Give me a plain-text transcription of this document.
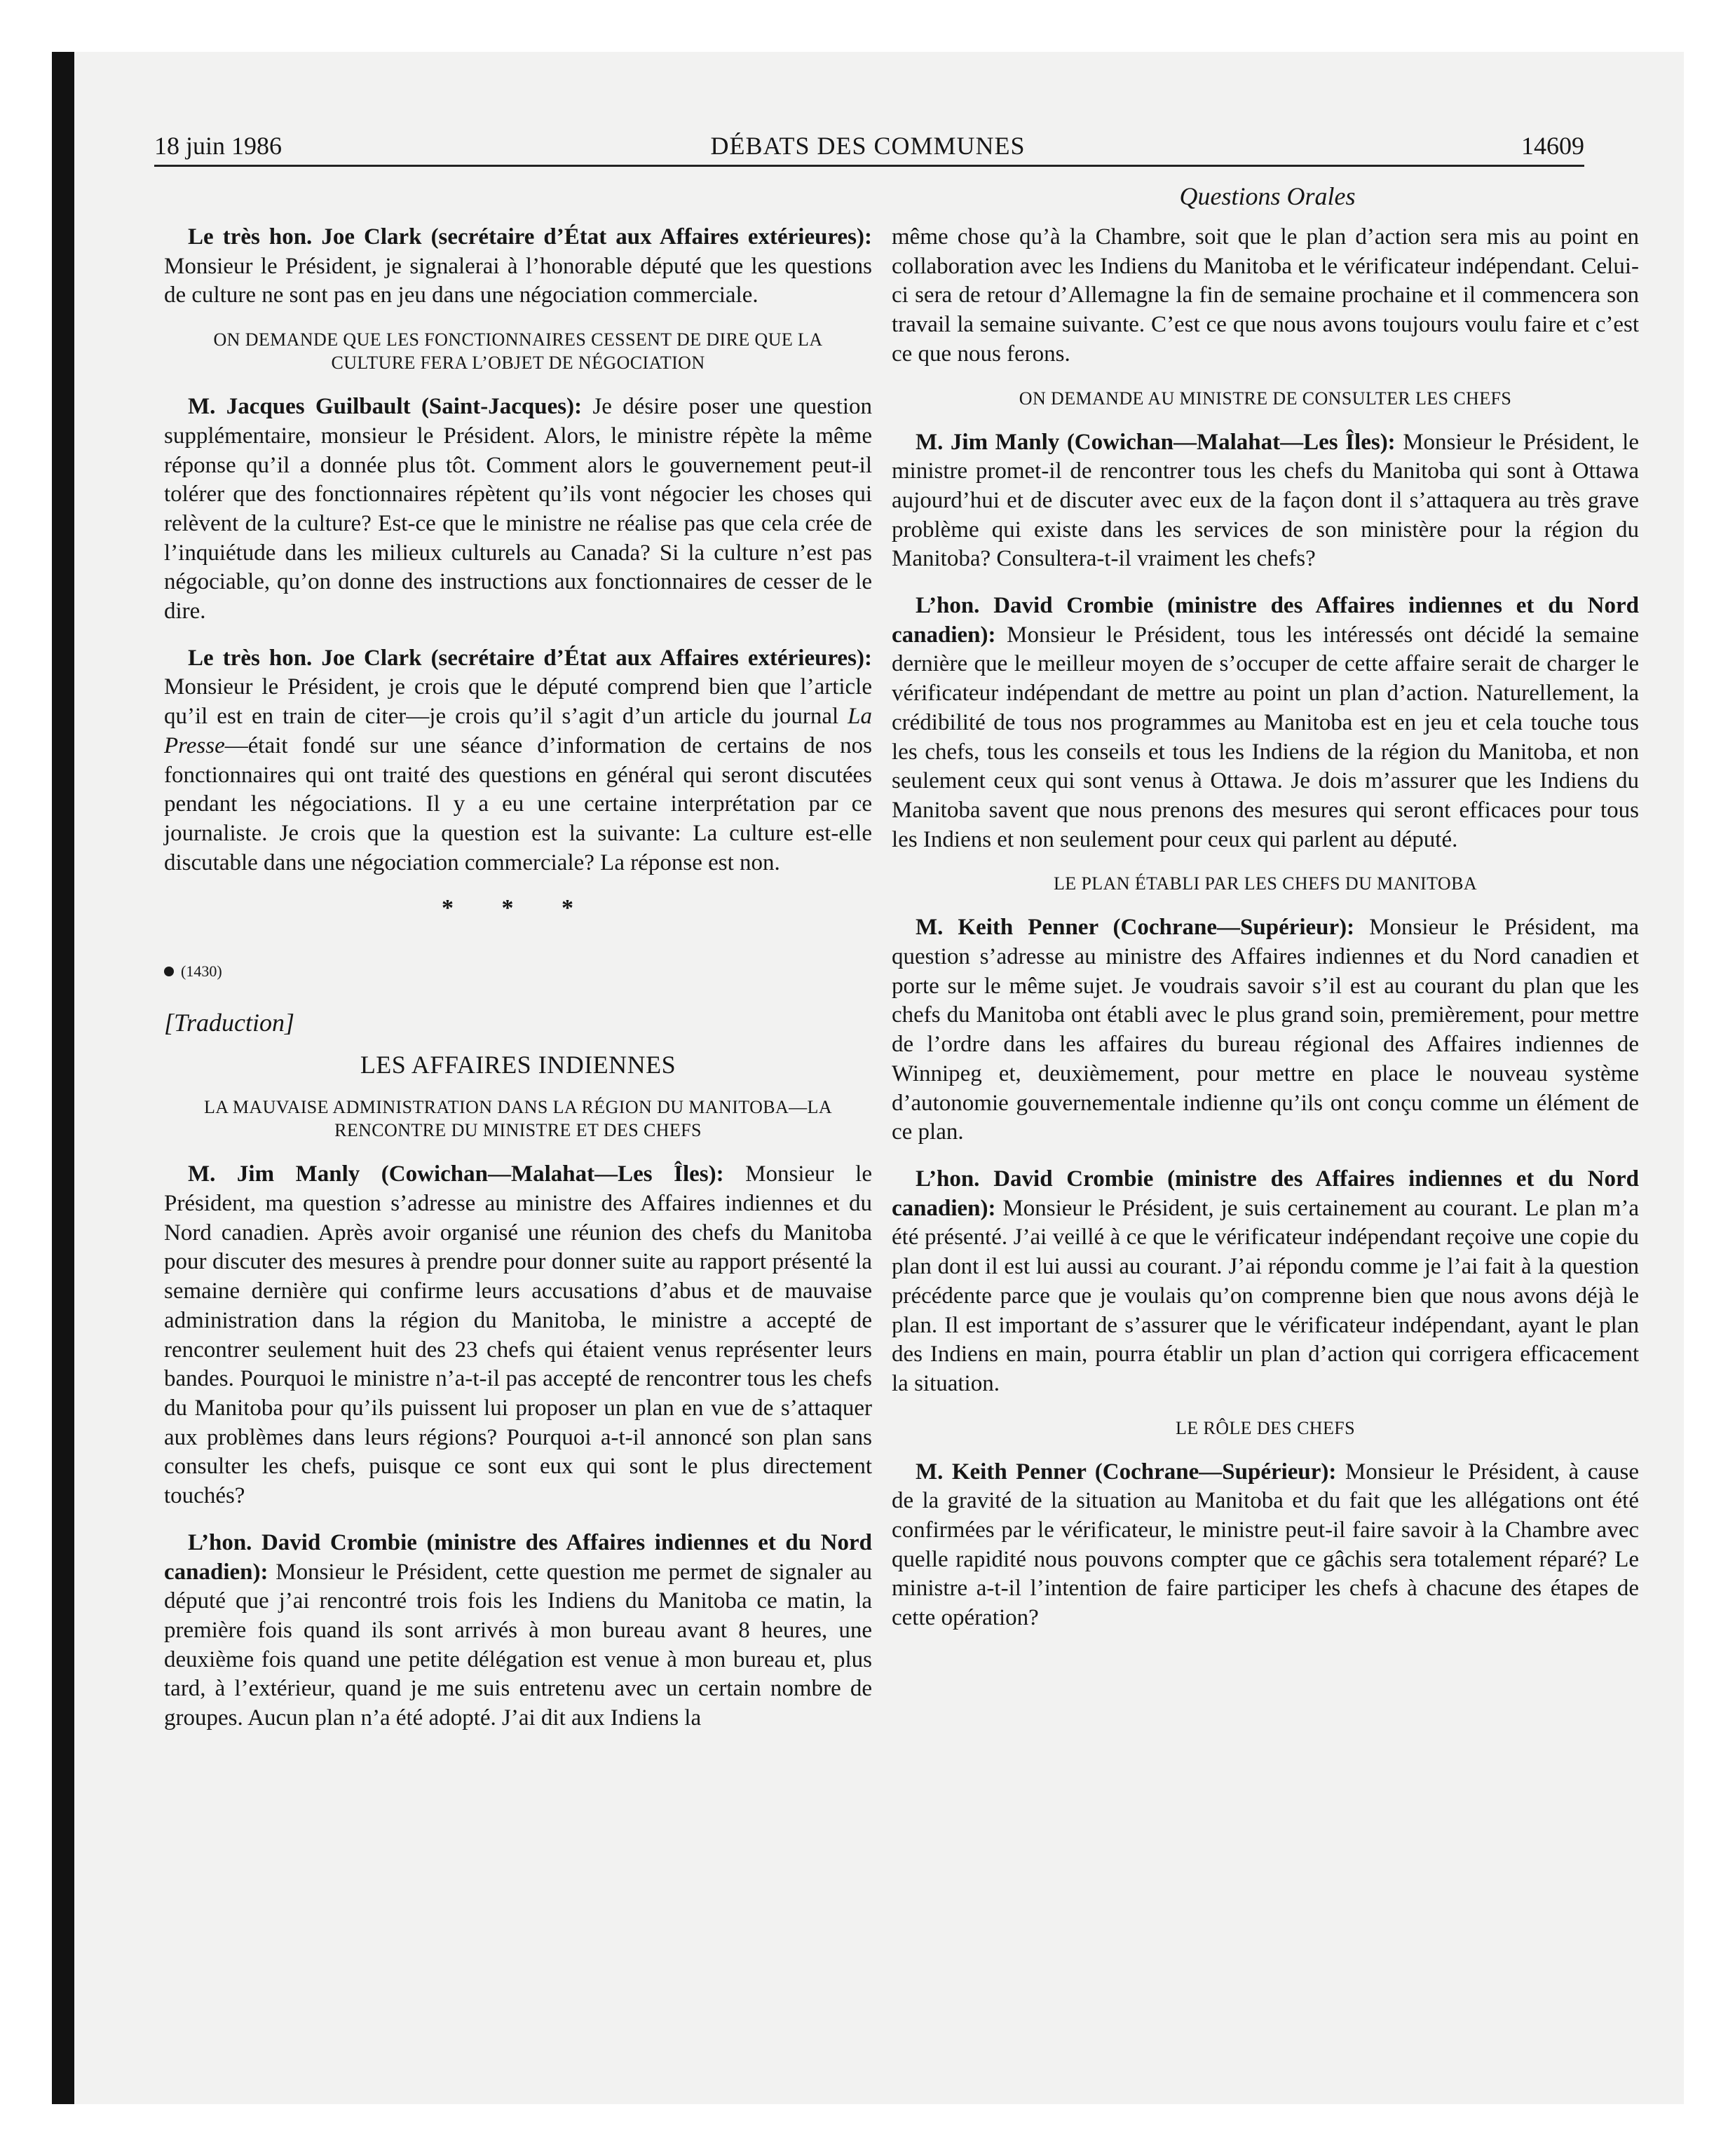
18 juin 1986	DÉBATS DES COMMUNES	14609
Questions Orales

Le très hon. Joe Clark (secrétaire d’État aux Affaires extérieures): Monsieur le Président, je signalerai à l’honorable député que les questions de culture ne sont pas en jeu dans une négociation commerciale.

ON DEMANDE QUE LES FONCTIONNAIRES CESSENT DE DIRE QUE LA CULTURE FERA L’OBJET DE NÉGOCIATION

M. Jacques Guilbault (Saint-Jacques): Je désire poser une question supplémentaire, monsieur le Président. Alors, le ministre répète la même réponse qu’il a donnée plus tôt. Comment alors le gouvernement peut-il tolérer que des fonctionnaires répètent qu’ils vont négocier les choses qui relèvent de la culture? Est-ce que le ministre ne réalise pas que cela crée de l’inquiétude dans les milieux culturels au Canada? Si la culture n’est pas négociable, qu’on donne des instructions aux fonctionnaires de cesser de le dire.

Le très hon. Joe Clark (secrétaire d’État aux Affaires extérieures): Monsieur le Président, je crois que le député comprend bien que l’article qu’il est en train de citer—je crois qu’il s’agit d’un article du journal La Presse—était fondé sur une séance d’information de certains de nos fonctionnaires qui ont traité des questions en général qui seront discutées pendant les négociations. Il y a eu une certaine interprétation par ce journaliste. Je crois que la question est la suivante: La culture est-elle discutable dans une négociation commerciale? La réponse est non.

* * *
(1430)
[Traduction]
LES AFFAIRES INDIENNES
LA MAUVAISE ADMINISTRATION DANS LA RÉGION DU MANITOBA—LA RENCONTRE DU MINISTRE ET DES CHEFS

M. Jim Manly (Cowichan—Malahat—Les Îles): Monsieur le Président, ma question s’adresse au ministre des Affaires indiennes et du Nord canadien. Après avoir organisé une réunion des chefs du Manitoba pour discuter des mesures à prendre pour donner suite au rapport présenté la semaine dernière qui confirme leurs accusations d’abus et de mauvaise administration dans la région du Manitoba, le ministre a accepté de rencontrer seulement huit des 23 chefs qui étaient venus représenter leurs bandes. Pourquoi le ministre n’a-t-il pas accepté de rencontrer tous les chefs du Manitoba pour qu’ils puissent lui proposer un plan en vue de s’attaquer aux problèmes dans leurs régions? Pourquoi a-t-il annoncé son plan sans consulter les chefs, puisque ce sont eux qui sont le plus directement touchés?

L’hon. David Crombie (ministre des Affaires indiennes et du Nord canadien): Monsieur le Président, cette question me permet de signaler au député que j’ai rencontré trois fois les Indiens du Manitoba ce matin, la première fois quand ils sont arrivés à mon bureau avant 8 heures, une deuxième fois quand une petite délégation est venue à mon bureau et, plus tard, à l’extérieur, quand je me suis entretenu avec un certain nombre de groupes. Aucun plan n’a été adopté. J’ai dit aux Indiens la

même chose qu’à la Chambre, soit que le plan d’action sera mis au point en collaboration avec les Indiens du Manitoba et le vérificateur indépendant. Celui-ci sera de retour d’Allemagne la fin de semaine prochaine et il commencera son travail la semaine suivante. C’est ce que nous avons toujours voulu faire et c’est ce que nous ferons.

ON DEMANDE AU MINISTRE DE CONSULTER LES CHEFS

M. Jim Manly (Cowichan—Malahat—Les Îles): Monsieur le Président, le ministre promet-il de rencontrer tous les chefs du Manitoba qui sont à Ottawa aujourd’hui et de discuter avec eux de la façon dont il s’attaquera au très grave problème qui existe dans les services de son ministère pour la région du Manitoba? Consultera-t-il vraiment les chefs?

L’hon. David Crombie (ministre des Affaires indiennes et du Nord canadien): Monsieur le Président, tous les intéressés ont décidé la semaine dernière que le meilleur moyen de s’occuper de cette affaire serait de charger le vérificateur indépendant de mettre au point un plan d’action. Naturellement, la crédibilité de tous nos programmes au Manitoba est en jeu et cela touche tous les chefs, tous les conseils et tous les Indiens de la région du Manitoba, et non seulement ceux qui sont venus à Ottawa. Je dois m’assurer que les Indiens du Manitoba savent que nous prenons des mesures qui seront efficaces pour tous les Indiens et non seulement pour ceux qui parlent au député.

LE PLAN ÉTABLI PAR LES CHEFS DU MANITOBA

M. Keith Penner (Cochrane—Supérieur): Monsieur le Président, ma question s’adresse au ministre des Affaires indiennes et du Nord canadien et porte sur le même sujet. Je voudrais savoir s’il est au courant du plan que les chefs du Manitoba ont établi avec le plus grand soin, premièrement, pour mettre de l’ordre dans les affaires du bureau régional des Affaires indiennes de Winnipeg et, deuxièmement, pour mettre en place le nouveau système d’autonomie gouvernementale indienne qu’ils ont conçu comme un élément de ce plan.

L’hon. David Crombie (ministre des Affaires indiennes et du Nord canadien): Monsieur le Président, je suis certainement au courant. Le plan m’a été présenté. J’ai veillé à ce que le vérificateur indépendant reçoive une copie du plan dont il est lui aussi au courant. J’ai répondu comme je l’ai fait à la question précédente parce que je voulais qu’on comprenne bien que nous avons déjà le plan. Il est important de s’assurer que le vérificateur indépendant, ayant le plan des Indiens en main, pourra établir un plan d’action qui corrigera efficacement la situation.

LE RÔLE DES CHEFS

M. Keith Penner (Cochrane—Supérieur): Monsieur le Président, à cause de la gravité de la situation au Manitoba et du fait que les allégations ont été confirmées par le vérificateur, le ministre peut-il faire savoir à la Chambre avec quelle rapidité nous pouvons compter que ce gâchis sera totalement réparé? Le ministre a-t-il l’intention de faire participer les chefs à chacune des étapes de cette opération?
